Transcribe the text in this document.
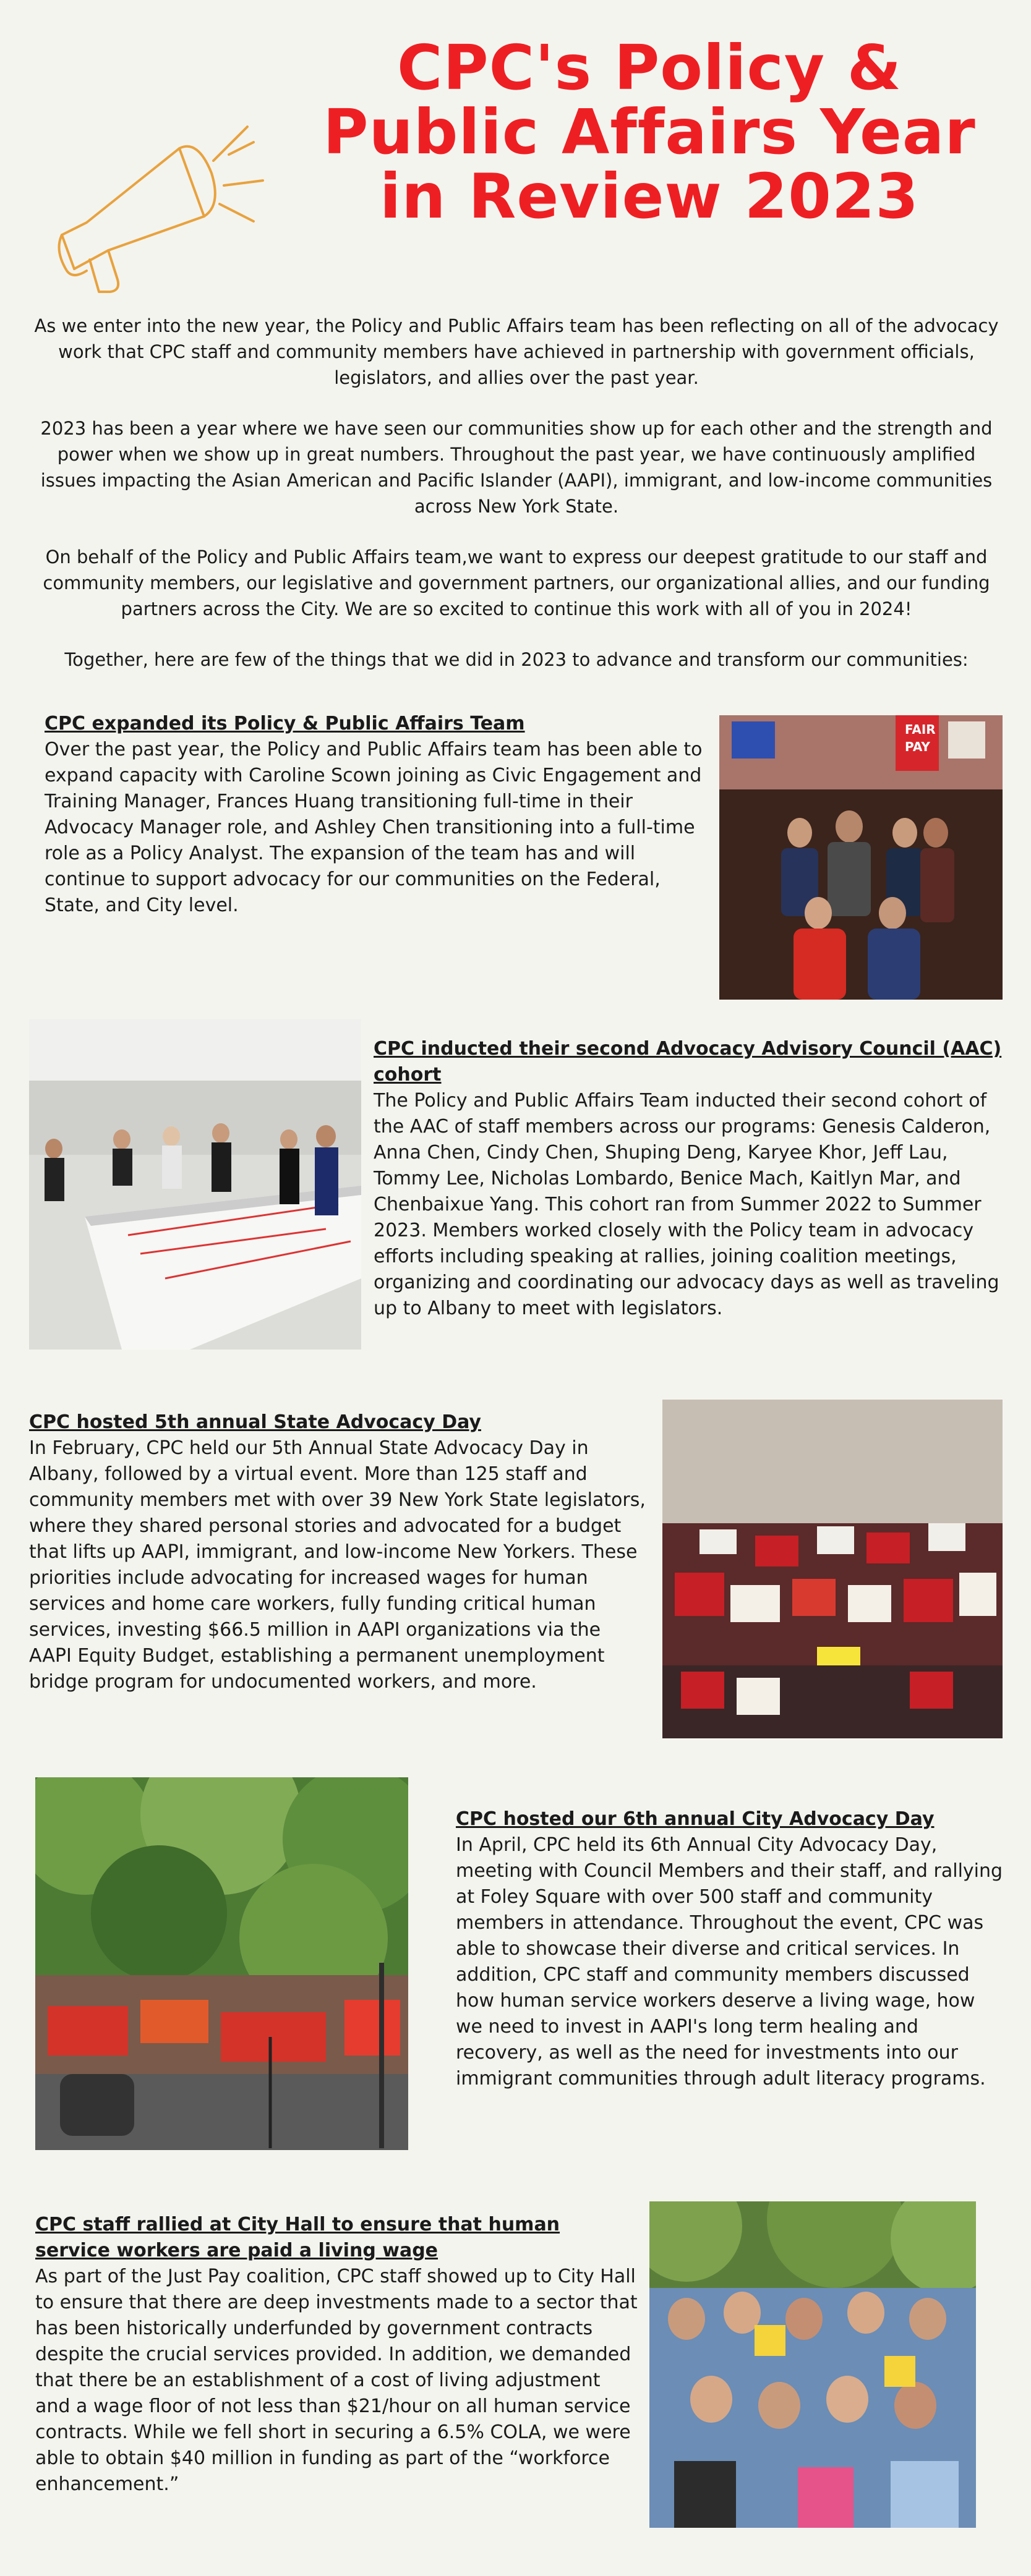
CPC's Policy &
Public Affairs Year
in Review 2023

As we enter into the new year, the Policy and Public Affairs team has been reflecting on all of the advocacy work that CPC staff and community members have achieved in partnership with government officials, legislators, and allies over the past year.

2023 has been a year where we have seen our communities show up for each other and the strength and power when we show up in great numbers. Throughout the past year, we have continuously amplified issues impacting the Asian American and Pacific Islander (AAPI), immigrant, and low-income communities across New York State.

On behalf of the Policy and Public Affairs team,we want to express our deepest gratitude to our staff and community members, our legislative and government partners, our organizational allies, and our funding partners across the City. We are so excited to continue this work with all of you in 2024!

Together, here are few of the things that we did in 2023 to advance and transform our communities:

CPC expanded its Policy & Public Affairs Team

Over the past year, the Policy and Public Affairs team has been able to expand capacity with Caroline Scown joining as Civic Engagement and Training Manager, Frances Huang transitioning full-time in their Advocacy Manager role, and Ashley Chen transitioning into a full-time role as a Policy Analyst. The expansion of the team has and will continue to support advocacy for our communities on the Federal, State, and City level.

FAIR
PAY
CPC inducted their second Advocacy Advisory Council (AAC) cohort

The Policy and Public Affairs Team inducted their second cohort of the AAC of staff members across our programs: Genesis Calderon, Anna Chen, Cindy Chen, Shuping Deng, Karyee Khor, Jeff Lau, Tommy Lee, Nicholas Lombardo, Benice Mach, Kaitlyn Mar, and Chenbaixue Yang. This cohort ran from Summer 2022 to Summer 2023. Members worked closely with the Policy team in advocacy efforts including speaking at rallies, joining coalition meetings, organizing and coordinating our advocacy days as well as traveling up to Albany to meet with legislators.

CPC hosted 5th annual State Advocacy Day

In February, CPC held our 5th Annual State Advocacy Day in Albany, followed by a virtual event. More than 125 staff and community members met with over 39 New York State legislators, where they shared personal stories and advocated for a budget that lifts up AAPI, immigrant, and low-income New Yorkers. These priorities include advocating for increased wages for human services and home care workers, fully funding critical human services, investing $66.5 million in AAPI organizations via the AAPI Equity Budget, establishing a permanent unemployment bridge program for undocumented workers, and more.

CPC hosted our 6th annual City Advocacy Day

In April, CPC held its 6th Annual City Advocacy Day, meeting with Council Members and their staff, and rallying at Foley Square with over 500 staff and community members in attendance. Throughout the event, CPC was able to showcase their diverse and critical services. In addition, CPC staff and community members discussed how human service workers deserve a living wage, how we need to invest in AAPI's long term healing and recovery, as well as the need for investments into our immigrant communities through adult literacy programs.

CPC staff rallied at City Hall to ensure that human service workers are paid a living wage

As part of the Just Pay coalition, CPC staff showed up to City Hall to ensure that there are deep investments made to a sector that has been historically underfunded by government contracts despite the crucial services provided. In addition, we demanded that there be an establishment of a cost of living adjustment and a wage floor of not less than $21/hour on all human service contracts. While we fell short in securing a 6.5% COLA, we were able to obtain $40 million in funding as part of the “workforce enhancement.”
